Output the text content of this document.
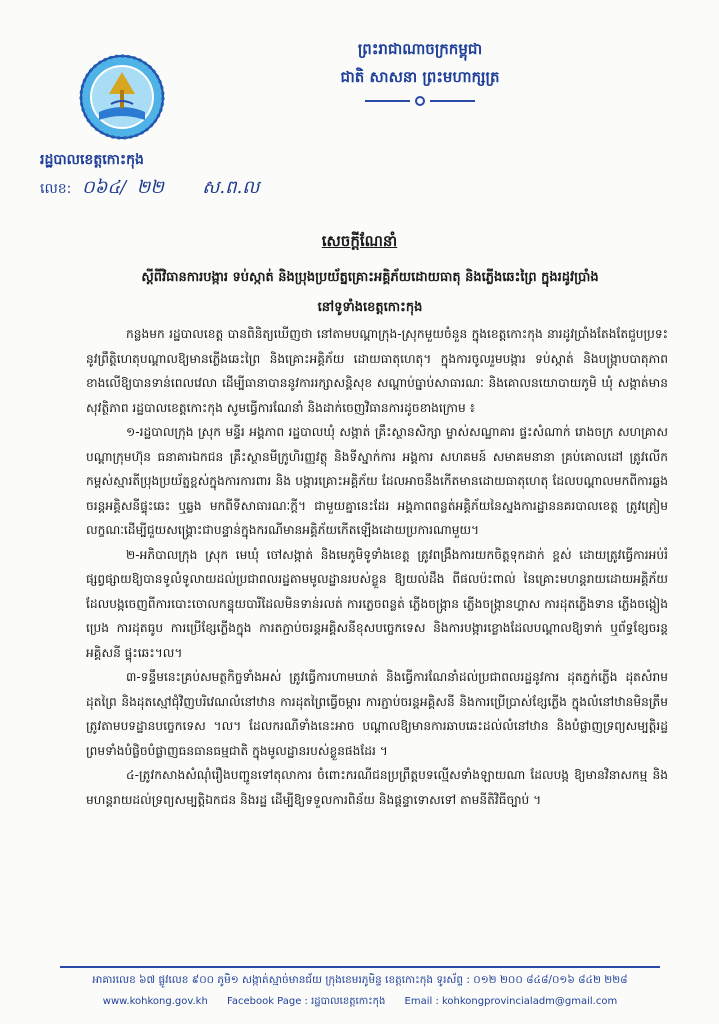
ព្រះរាជាណាចក្រកម្ពុជា
ជាតិ សាសនា ព្រះមហាក្សត្រ
រដ្ឋបាលខេត្តកោះកុង
លេខ: ០៦៤/ ២២ ស.ព.ល
សេចក្តីណែនាំ
ស្តីពីវិធានការបង្ការ ទប់ស្កាត់ និងប្រុងប្រយ័ត្នគ្រោះអគ្គិភ័យដោយធាតុ និងភ្លើងឆេះព្រៃ ក្នុងរដូវប្រាំង
នៅទូទាំងខេត្តកោះកុង

កន្លងមក រដ្ឋបាលខេត្ត បានពិនិត្យឃើញថា នៅតាមបណ្ដាក្រុង-ស្រុកមួយចំនួន ក្នុងខេត្តកោះកុង នារដូវប្រាំងតែងតែជួបប្រទះនូវព្រឹត្តិហេតុបណ្ដាលឱ្យមានភ្លើងឆេះព្រៃ និងគ្រោះអគ្គិភ័យ ដោយធាតុហេតុ។ ក្នុងការចូលរួមបង្ការ ទប់ស្កាត់ និងបង្ក្រាបបាតុភាពខាងលើឱ្យបានទាន់ពេលវេលា ដើម្បីធានាបាននូវការរក្សាសន្តិសុខ សណ្ដាប់ធ្នាប់សាធារណៈ និងគោលនយោបាយភូមិ ឃុំ សង្កាត់មានសុវត្ថិភាព រដ្ឋបាលខេត្តកោះកុង សូមធ្វើការណែនាំ និងដាក់ចេញវិធានការដូចខាងក្រោម ៖

១-រដ្ឋបាលក្រុង ស្រុក មន្ទីរ អង្គភាព រដ្ឋបាលឃុំ សង្កាត់ គ្រឹះស្ថានសិក្សា ម្ចាស់សណ្ឋាគារ ផ្ទះសំណាក់ រោងចក្រ សហគ្រាស បណ្ដាក្រុមហ៊ុន ធនាគារឯកជន គ្រឹះស្ថានមីក្រូហិរញ្ញវត្ថុ និងទីស្នាក់ការ អង្គការ សហគមន៍ សមាគមនានា គ្រប់គោលដៅ ត្រូវលើកកម្ពស់ស្មារតីប្រុងប្រយ័ត្នខ្ពស់ក្នុងការការពារ និង បង្ការគ្រោះអគ្គិភ័យ ដែលអាចនឹងកើតមានដោយធាតុហេតុ ដែលបណ្ដាលមកពីការឆ្លងចរន្តអគ្គិសនីផ្ទុះឆេះ ឬឆ្លង មកពីទីសាធារណៈក្ដី។ ជាមួយគ្នានេះដែរ អង្គភាពពន្លត់អគ្គិភ័យនៃស្នងការដ្ឋាននគរបាលខេត្ត ត្រូវត្រៀម លក្ខណៈដើម្បីជួយសង្គ្រោះជាបន្ទាន់ក្នុងករណីមានអគ្គិភ័យកើតឡើងដោយប្រការណាមួយ។

២-អភិបាលក្រុង ស្រុក មេឃុំ ចៅសង្កាត់ និងមេភូមិទូទាំងខេត្ត ត្រូវពង្រឹងការយកចិត្តទុកដាក់ ខ្ពស់ ដោយត្រូវធ្វើការអប់រំផ្សព្វផ្សាយឱ្យបានទូលំទូលាយដល់ប្រជាពលរដ្ឋតាមមូលដ្ឋានរបស់ខ្លួន ឱ្យយល់ដឹង ពីផលប៉ះពាល់ នៃគ្រោះមហន្តរាយដោយអគ្គិភ័យ ដែលបង្កចេញពីការបោះចោលកន្ទុយបារីដែលមិនទាន់រលត់ ការភ្លេចពន្លត់ ភ្លើងចង្រ្កាន ភ្លើងចង្រ្កានហ្គាស ការដុតភ្លើងទាន ភ្លើងចង្កៀងប្រេង ការដុតធូប ការប្រើខ្សែភ្លើងក្នុង ការតភ្ជាប់ចរន្តអគ្គិសនីខុសបច្ចេកទេស និងការបង្ការខ្លោងដែលបណ្ដាលឱ្យទាក់ ឬព័ទ្ធខ្សែចរន្តអគ្គិសនី ផ្ទុះឆេះ។ល។

៣-ទន្ទឹមនេះគ្រប់សមត្ថកិច្ចទាំងអស់ ត្រូវធ្វើការហាមឃាត់ និងធ្វើការណែនាំដល់ប្រជាពលរដ្ឋនូវការ ដុតភ្នក់ភ្លើង ដុតសំរាម ដុតព្រៃ និងដុតស្មៅជុំវិញបរិវេណលំនៅឋាន ការដុតព្រៃធ្វើចម្ការ ការភ្ជាប់ចរន្តអគ្គិសនី និងការប្រើប្រាស់ខ្សែភ្លើង ក្នុងលំនៅឋានមិនត្រឹមត្រូវតាមបទដ្ឋានបច្ចេកទេស ។ល។ ដែលករណីទាំងនេះអាច បណ្ដាលឱ្យមានការឆាបឆេះដល់លំនៅឋាន និងបំផ្លាញទ្រព្យសម្បត្តិរដ្ឋ ព្រមទាំងបំផ្លិចបំផ្លាញធនធានធម្មជាតិ ក្នុងមូលដ្ឋានរបស់ខ្លួនផងដែរ ។

៤-ត្រូវកសាងសំណុំរឿងបញ្ជូនទៅតុលាការ ចំពោះករណីជនប្រព្រឹត្តបទល្មើសទាំងឡាយណា ដែលបង្ក ឱ្យមានវិនាសកម្ម និងមហន្តរាយដល់ទ្រព្យសម្បត្តិឯកជន និងរដ្ឋ ដើម្បីឱ្យទទួលការពិន័យ និងផ្ដន្ទាទោសទៅ តាមនីតិវិធីច្បាប់ ។

អាគារលេខ ៦៧ ផ្លូវលេខ ៩០០ ភូមិ១ សង្កាត់ស្មាច់មានជ័យ ក្រុងខេមរភូមិន្ទ ខេត្តកោះកុង ទូរស័ព្ទ : ០១២ ២០០ ៨៤៨/០១៦ ៨៤២ ២២៨
www.kohkong.gov.kh Facebook Page : រដ្ឋបាលខេត្តកោះកុង Email : kohkongprovincialadm@gmail.com
